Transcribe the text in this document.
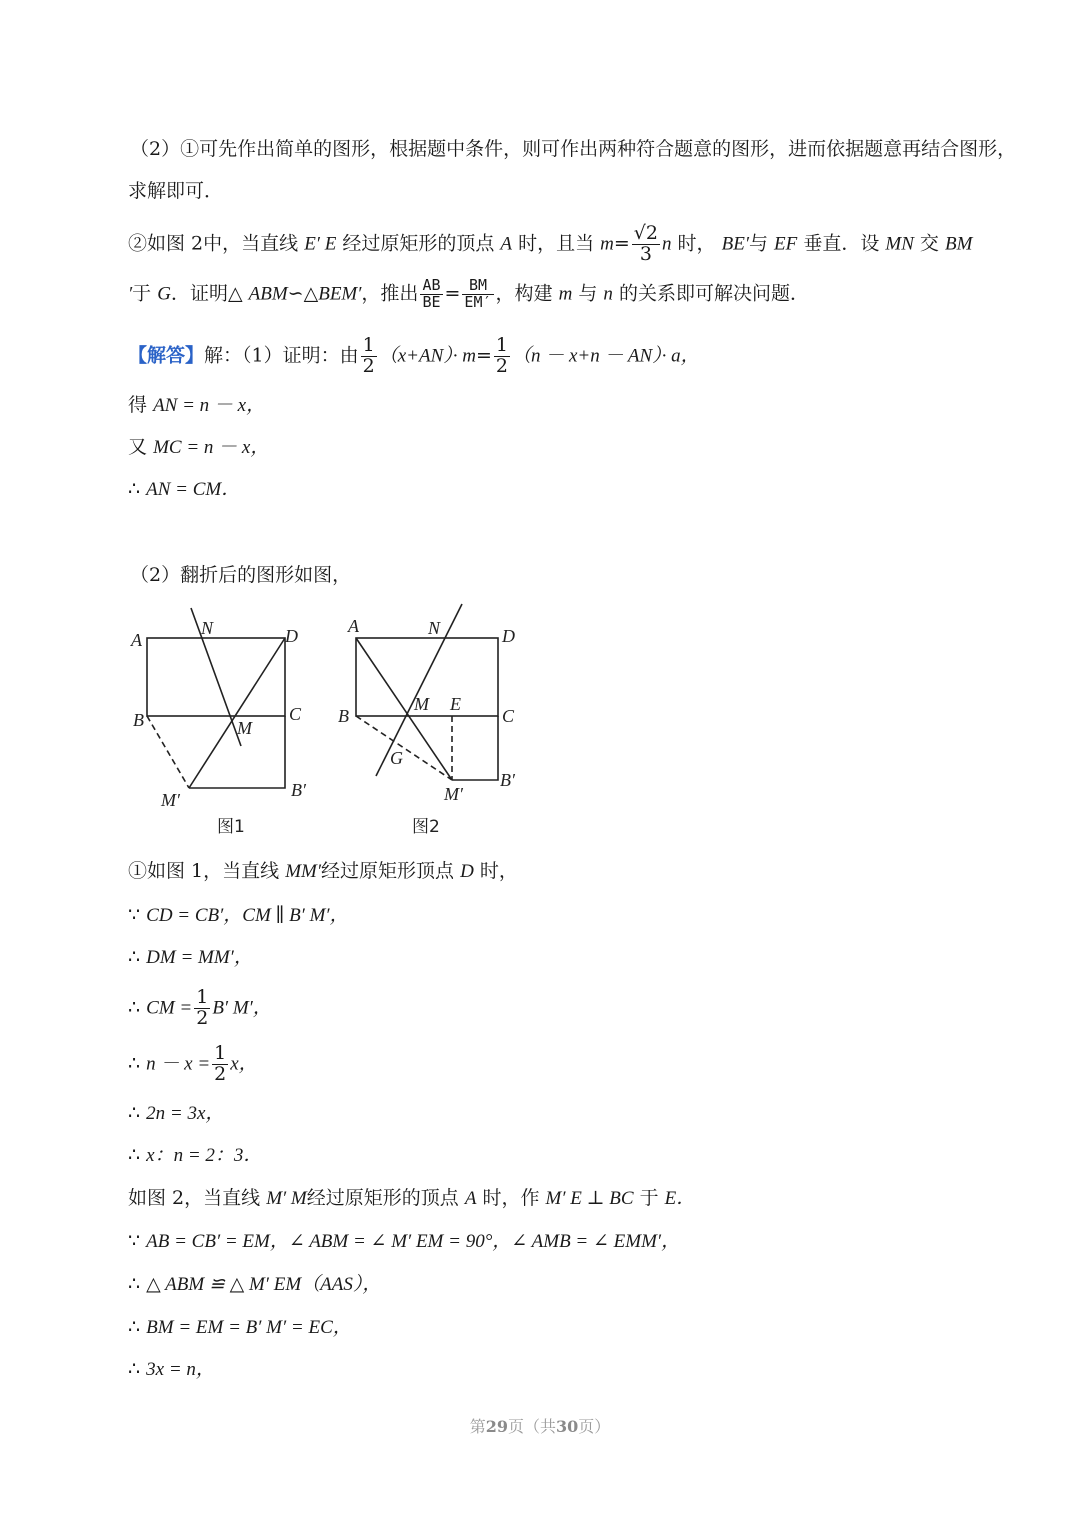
（2）①可先作出简单的图形，根据题中条件，则可作出两种符合题意的图形，进而依据题意再结合图形，
求解即可．
②如图 2中，当直线 E′ E 经过原矩形的顶点 A 时，且当 $m= \frac{√2}{3}$ n 时， BE′与 EF 垂直．设 MN 交 BM
′于 G．证明△ ABM∽△BEM′，推出 $\frac{AB}{BE} = \frac{BM}{EM'}$ ，构建 m 与 n 的关系即可解决问题．
【解答】解：（1）证明：由 $\frac{1}{2} (x+AN)\cdot m= \frac{1}{2} (n - x+n - AN)\cdot a$，
得 AN = n － x，
又 MC = n － x，
∴ AN = CM．
（2）翻折后的图形如图，
A
N	D
B	M
C
M′	B′
图1
A	N	D
B
M E
C
G
M′
B′
图2
①如图 1，当直线 MM′经过原矩形顶点 D 时，
∵ CD = CB′，CM ∥ B′ M′，
∴ DM = MM′，
∴ CM = $\frac{1}{2} B'$ M′，
∴ $n - x = \frac{1}{2}$ x，
∴ 2n = 3x，
∴ x：n = 2：3．
如图 2，当直线 M′ M经过原矩形的顶点 A 时，作 M′ E ⊥ BC 于 E．
∵ AB = CB′ = EM，∠ ABM = ∠ M′ EM = 90°，∠ AMB = ∠ EMM′，
∴ △ ABM ≌ △ M′ EM（AAS），
∴ BM = EM = B′ M′ = EC，
∴ 3x = n，
第29页（共30页）
